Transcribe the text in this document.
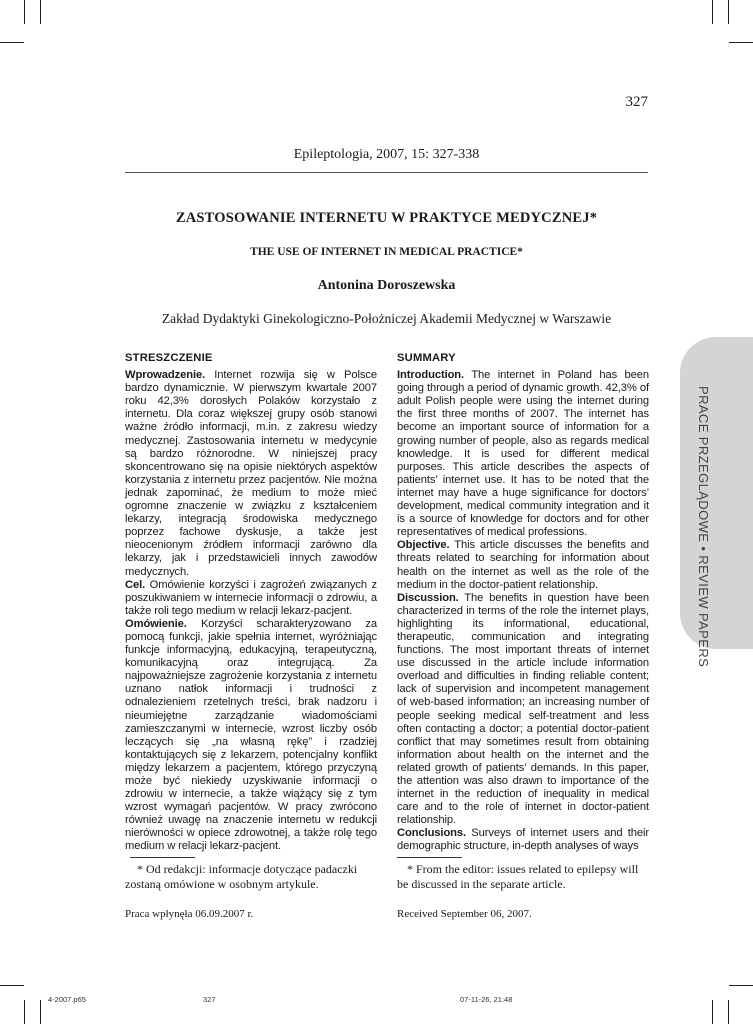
327
Epileptologia, 2007, 15: 327-338
ZASTOSOWANIE INTERNETU W PRAKTYCE MEDYCZNEJ*
THE USE OF INTERNET IN MEDICAL PRACTICE*
Antonina Doroszewska
Zakład Dydaktyki Ginekologiczno-Położniczej Akademii Medycznej w Warszawie
PRACE PRZEGLĄDOWE • REVIEW PAPERS
STRESZCZENIE

Wprowadzenie. Internet rozwija się w Polsce bardzo dynamicznie. W pierwszym kwartale 2007 roku 42,3% dorosłych Polaków korzystało z internetu. Dla coraz większej grupy osób stanowi ważne źródło informacji, m.in. z zakresu wiedzy medycznej. Zastosowania internetu w medycynie są bardzo różnorodne. W niniejszej pracy skoncentrowano się na opisie niektórych aspektów korzystania z internetu przez pacjentów. Nie można jednak zapominać, że medium to może mieć ogromne znaczenie w związku z kształceniem lekarzy, integracją środowiska medycznego poprzez fachowe dyskusje, a także jest nieocenionym źródłem informacji zarówno dla lekarzy, jak i przedstawicieli innych zawodów medycznych.

Cel. Omówienie korzyści i zagrożeń związanych z poszukiwaniem w internecie informacji o zdrowiu, a także roli tego medium w relacji lekarz-pacjent.

Omówienie. Korzyści scharakteryzowano za pomocą funkcji, jakie spełnia internet, wyróżniając funkcje informacyjną, edukacyjną, terapeutyczną, komunikacyjną oraz integrującą. Za najpoważniejsze zagrożenie korzystania z internetu uznano natłok informacji i trudności z odnalezieniem rzetelnych treści, brak nadzoru i nieumiejętne zarządzanie wiadomościami zamieszczanymi w internecie, wzrost liczby osób leczących się „na własną rękę” i rzadziej kontaktujących się z lekarzem, potencjalny konflikt między lekarzem a pacjentem, którego przyczyną może być niekiedy uzyskiwanie informacji o zdrowiu w internecie, a także wiążący się z tym wzrost wymagań pacjentów. W pracy zwrócono również uwagę na znaczenie internetu w redukcji nierówności w opiece zdrowotnej, a także rolę tego medium w relacji lekarz-pacjent.

SUMMARY

Introduction. The internet in Poland has been going through a period of dynamic growth. 42,3% of adult Polish people were using the internet during the first three months of 2007. The internet has become an important source of information for a growing number of people, also as regards medical knowledge. It is used for different medical purposes. This article describes the aspects of patients’ internet use. It has to be noted that the internet may have a huge significance for doctors’ development, medical community integration and it is a source of knowledge for doctors and for other representatives of medical professions.

Objective. This article discusses the benefits and threats related to searching for information about health on the internet as well as the role of the medium in the doctor-patient relationship.

Discussion. The benefits in question have been characterized in terms of the role the internet plays, highlighting its informational, educational, therapeutic, communication and integrating functions. The most important threats of internet use discussed in the article include information overload and difficulties in finding reliable content; lack of supervision and incompetent management of web-based information; an increasing number of people seeking medical self-treatment and less often contacting a doctor; a potential doctor-patient conflict that may sometimes result from obtaining information about health on the internet and the related growth of patients’ demands. In this paper, the attention was also drawn to importance of the internet in the reduction of inequality in medical care and to the role of internet in doctor-patient relationship.

Conclusions. Surveys of internet users and their demographic structure, in-depth analyses of ways

* Od redakcji: informacje dotyczące padaczki zostaną omówione w osobnym artykule.
* From the editor: issues related to epilepsy will be discussed in the separate article.
Praca wpłynęła 06.09.2007 r.	Received September 06, 2007.
4-2007.p65	327	07-11-26, 21:48
